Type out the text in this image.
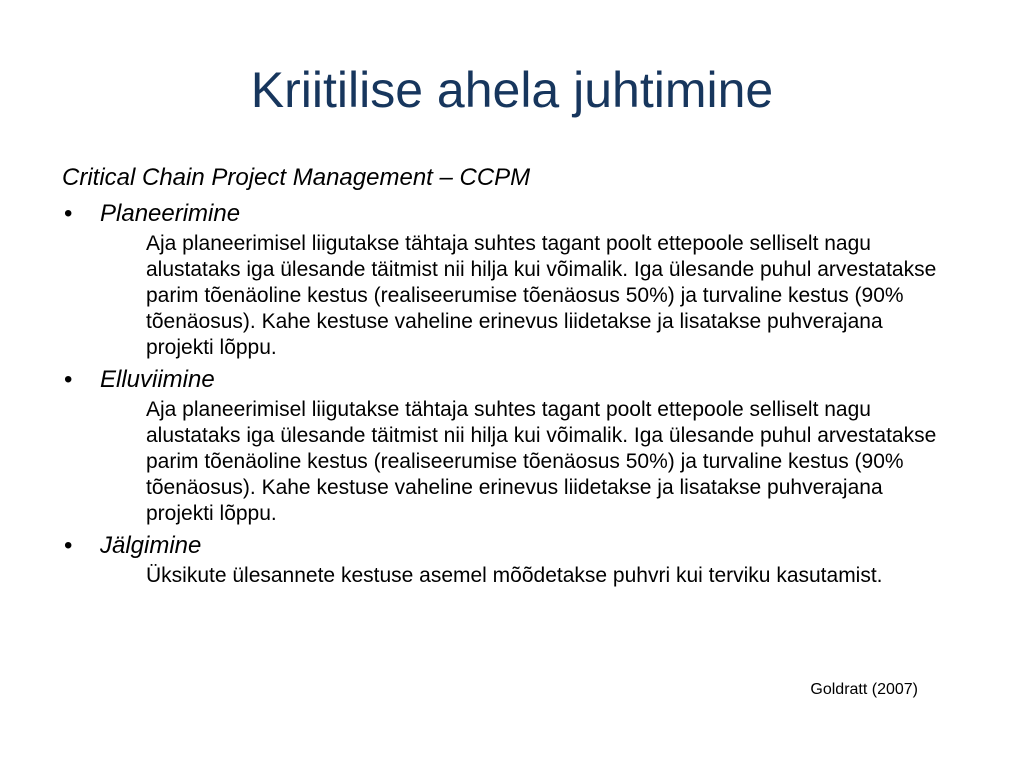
Kriitilise ahela juhtimine
Critical Chain Project Management – CCPM
• Planeerimine
Aja planeerimisel liigutakse tähtaja suhtes tagant poolt ettepoole selliselt nagu alustataks iga ülesande täitmist nii hilja kui võimalik. Iga ülesande puhul arvestatakse parim tõenäoline kestus (realiseerumise tõenäosus 50%) ja turvaline kestus (90% tõenäosus). Kahe kestuse vaheline erinevus liidetakse ja lisatakse puhverajana projekti lõppu.
• Elluviimine
Aja planeerimisel liigutakse tähtaja suhtes tagant poolt ettepoole selliselt nagu alustataks iga ülesande täitmist nii hilja kui võimalik. Iga ülesande puhul arvestatakse parim tõenäoline kestus (realiseerumise tõenäosus 50%) ja turvaline kestus (90% tõenäosus). Kahe kestuse vaheline erinevus liidetakse ja lisatakse puhverajana projekti lõppu.
• Jälgimine
Üksikute ülesannete kestuse asemel mõõdetakse puhvri kui terviku kasutamist.
Goldratt (2007)
